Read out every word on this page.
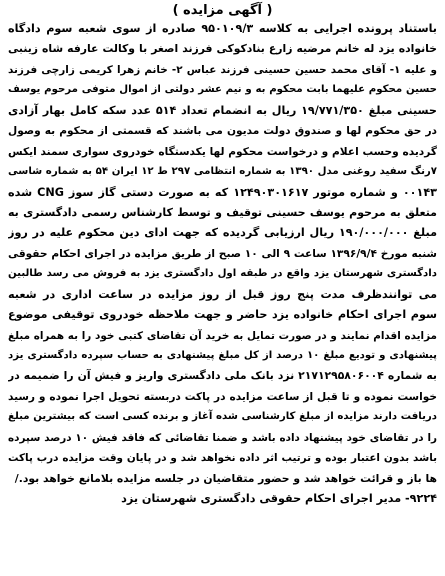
( آگهی مزایده )
باستناد پرونده اجرایی به کلاسه ۹۵۰۱۰۹/۳ صادره از سوی شعبه سوم دادگاه
خانواده یزد له خانم مرضیه زارع بنادکوکی فرزند اصغر با وکالت عارفه شاه زینبی
و علیه ۱- آقای محمد حسین حسینی فرزند عباس ۲- خانم زهرا کریمی زارچی فرزند
حسین محکوم علیهما بابت محکوم به و نیم عشر دولتی از اموال متوفی مرحوم یوسف
حسینی مبلغ ۱۹/۷۷۱/۳۵۰ ریال به انضمام تعداد ۵۱۴ عدد سکه کامل بهار آزادی
در حق محکوم لها و صندوق دولت مدیون می باشند که قسمتی از محکوم به وصول
گردیده وحسب اعلام و درخواست محکوم لها یکدستگاه خودروی سواری سمند ایکس
۷رنگ سفید روغنی مدل ۱۳۹۰ به شماره انتظامی ۲۹۷ ط ۱۲ ایران ۵۴ به شماره شاسی
۰۰۱۴۳ و شماره موتور ۱۲۴۹۰۳۰۱۶۱۷ که به صورت دستی گاز سوز CNG شده
متعلق به مرحوم یوسف حسینی توقیف و توسط کارشناس رسمی دادگستری به
مبلغ ۱۹۰/۰۰۰/۰۰۰ ریال ارزیابی گردیده که جهت ادای دین محکوم علیه در روز
شنبه مورخ ۱۳۹۶/۹/۴ ساعت ۹ الی ۱۰ صبح از طریق مزایده در اجرای احکام حقوقی
دادگستری شهرستان یزد واقع در طبقه اول دادگستری یزد به فروش می رسد طالبین
می توانندظرف مدت پنج روز قبل از روز مزایده در ساعت اداری در شعبه
سوم اجرای احکام خانواده یزد حاضر و جهت ملاحظه خودروی توقیفی موضوع
مزایده اقدام نمایند و در صورت تمایل به خرید آن تقاضای کتبی خود را به همراه مبلغ
پیشنهادی و تودیع مبلغ ۱۰ درصد از کل مبلغ پیشنهادی به حساب سپرده دادگستری یزد
به شماره ۲۱۷۱۲۹۵۸۰۶۰۰۴ نزد بانک ملی دادگستری واریز و فیش آن را ضمیمه در
خواست نموده و تا قبل از ساعت مزایده در پاکت دربسته تحویل اجرا نموده و رسید
دریافت دارند مزایده از مبلغ کارشناسی شده آغاز و برنده کسی است که بیشترین مبلغ
را در تقاضای خود پیشنهاد داده باشد و ضمنا تقاضائی که فاقد فیش ۱۰ درصد سپرده
باشد بدون اعتبار بوده و ترتیب اثر داده نخواهد شد و در پایان وقت مزایده درب پاکت
ها باز و قرائت خواهد شد و حضور متقاضیان در جلسه مزایده بلامانع خواهد بود./
۹۲۲۴- مدیر اجرای احکام حقوقی دادگستری شهرستان یزد
